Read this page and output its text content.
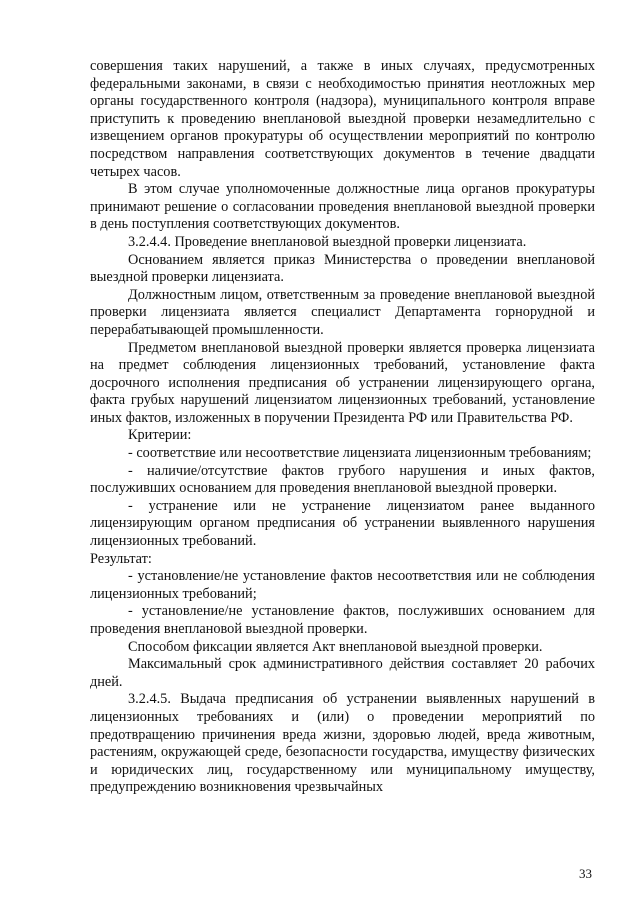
совершения таких нарушений, а также в иных случаях, предусмотренных федеральными законами, в связи с необходимостью принятия неотложных мер органы государственного контроля (надзора), муниципального контроля вправе приступить к проведению внеплановой выездной проверки незамедлительно с извещением органов прокуратуры об осуществлении мероприятий по контролю посредством направления соответствующих документов в течение двадцати четырех часов.

В этом случае уполномоченные должностные лица органов прокуратуры принимают решение о согласовании проведения внеплановой выездной проверки в день поступления соответствующих документов.

3.2.4.4. Проведение внеплановой выездной проверки лицензиата.

Основанием является приказ Министерства о проведении внеплановой выездной проверки лицензиата.

Должностным лицом, ответственным за проведение внеплановой выездной проверки лицензиата является специалист Департамента горнорудной и перерабатывающей промышленности.

Предметом внеплановой выездной проверки является проверка лицензиата на предмет соблюдения лицензионных требований, установление факта досрочного исполнения предписания об устранении лицензирующего органа, факта грубых нарушений лицензиатом лицензионных требований, установление иных фактов, изложенных в поручении Президента РФ или Правительства РФ.

Критерии:

- соответствие или несоответствие лицензиата лицензионным требованиям;

- наличие/отсутствие фактов грубого нарушения и иных фактов, послуживших основанием для проведения внеплановой выездной проверки.

- устранение или не устранение лицензиатом ранее выданного лицензирующим органом предписания об устранении выявленного нарушения лицензионных требований.

Результат:

- установление/не установление фактов несоответствия или не соблюдения лицензионных требований;

- установление/не установление фактов, послуживших основанием для проведения внеплановой выездной проверки.

Способом фиксации является Акт внеплановой выездной проверки.

Максимальный срок административного действия составляет 20 рабочих дней.

3.2.4.5. Выдача предписания об устранении выявленных нарушений в лицензионных требованиях и (или) о проведении мероприятий по предотвращению причинения вреда жизни, здоровью людей, вреда животным, растениям, окружающей среде, безопасности государства, имуществу физических и юридических лиц, государственному или муниципальному имуществу, предупреждению возникновения чрезвычайных

33
